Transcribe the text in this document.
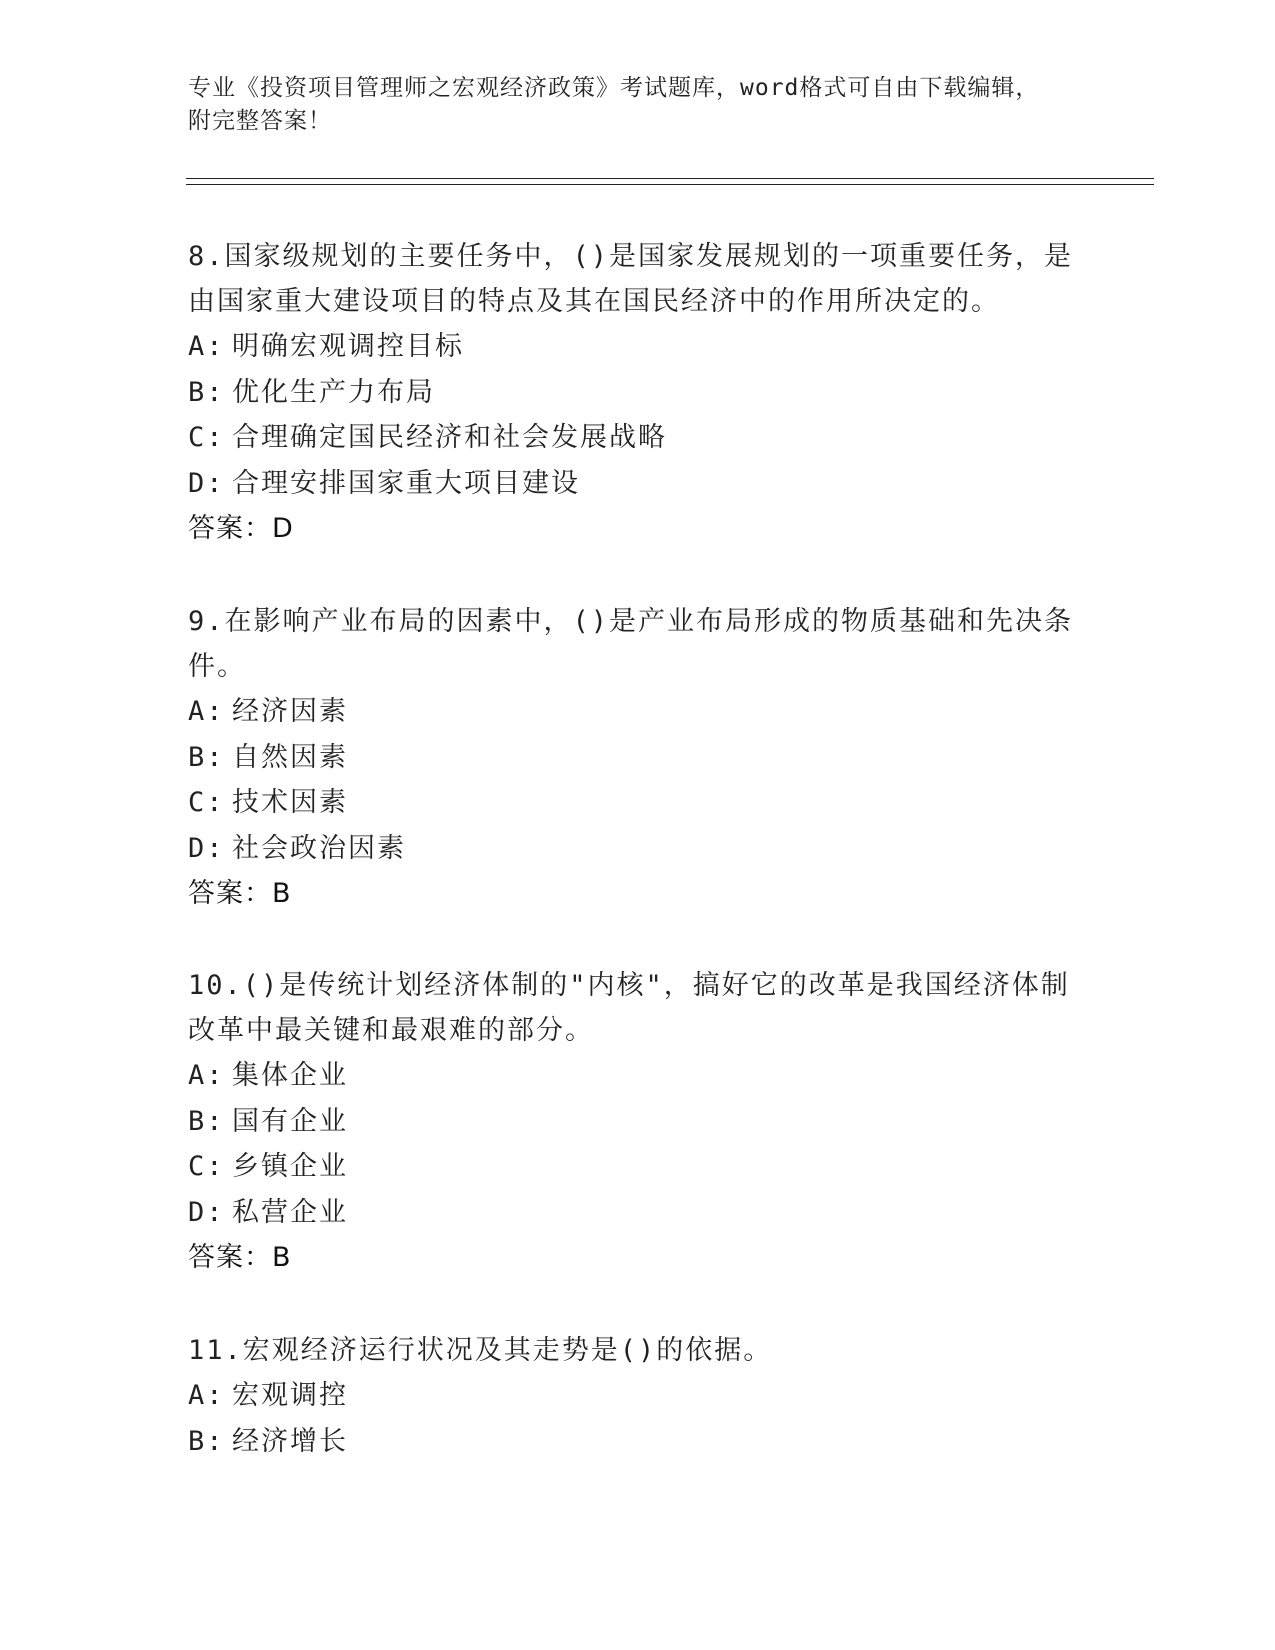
专业《投资项目管理师之宏观经济政策》考试题库，word格式可自由下载编辑，
附完整答案！
8.国家级规划的主要任务中，()是国家发展规划的一项重要任务，是由国家重大建设项目的特点及其在国民经济中的作用所决定的。
A: 明确宏观调控目标
B: 优化生产力布局
C: 合理确定国民经济和社会发展战略
D: 合理安排国家重大项目建设
答案：D
9.在影响产业布局的因素中，()是产业布局形成的物质基础和先决条件。
A: 经济因素
B: 自然因素
C: 技术因素
D: 社会政治因素
答案：B
10.()是传统计划经济体制的"内核"，搞好它的改革是我国经济体制改革中最关键和最艰难的部分。
A: 集体企业
B: 国有企业
C: 乡镇企业
D: 私营企业
答案：B
11.宏观经济运行状况及其走势是()的依据。
A: 宏观调控
B: 经济增长
